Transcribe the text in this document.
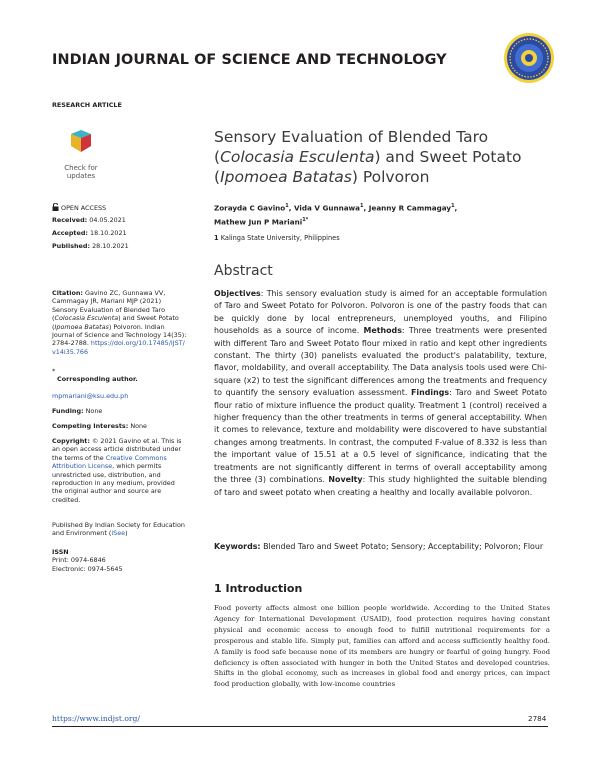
INDIAN JOURNAL OF SCIENCE AND TECHNOLOGY
RESEARCH ARTICLE
Check for
updates
OPEN ACCESS
Received: 04.05.2021
Accepted: 18.10.2021
Published: 28.10.2021
Citation: Gavino ZC, Gunnawa VV, Cammagay JR, Mariani MJP (2021) Sensory Evaluation of Blended Taro (Colocasia Esculenta) and Sweet Potato (Ipomoea Batatas) Polvoron. Indian Journal of Science and Technology 14(35): 2784-2788. https://doi.org/10.17485/IJST/v14i35.766
*
Corresponding author.
mpmariani@ksu.edu.ph
Funding: None
Competing Interests: None
Copyright: © 2021 Gavino et al. This is an open access article distributed under the terms of the Creative Commons Attribution License, which permits unrestricted use, distribution, and reproduction in any medium, provided the original author and source are credited.
Published By Indian Society for Education and Environment (iSee)
ISSN
Print: 0974-6846
Electronic: 0974-5645
Sensory Evaluation of Blended Taro
(Colocasia Esculenta) and Sweet Potato
(Ipomoea Batatas) Polvoron
Zorayda C Gavino$^1$, Vida V Gunnawa$^1$, Jeanny R Cammagay$^1$,
Mathew Jun P Mariani$^{1*}$
1 Kalinga State University, Philippines
Abstract
Objectives: This sensory evaluation study is aimed for an acceptable formulation of Taro and Sweet Potato for Polvoron. Polvoron is one of the pastry foods that can be quickly done by local entrepreneurs, unemployed youths, and Filipino households as a source of income. Methods: Three treatments were presented with different Taro and Sweet Potato flour mixed in ratio and kept other ingredients constant. The thirty (30) panelists evaluated the product's palatability, texture, flavor, moldability, and overall acceptability. The Data analysis tools used were Chi-square (x2) to test the significant differences among the treatments and frequency to quantify the sensory evaluation assessment. Findings: Taro and Sweet Potato flour ratio of mixture influence the product quality. Treatment 1 (control) received a higher frequency than the other treatments in terms of general acceptability. When it comes to relevance, texture and moldability were discovered to have substantial changes among treatments. In contrast, the computed F-value of 8.332 is less than the important value of 15.51 at a 0.5 level of significance, indicating that the treatments are not significantly different in terms of overall acceptability among the three (3) combinations. Novelty: This study highlighted the suitable blending of taro and sweet potato when creating a healthy and locally available polvoron.
Keywords: Blended Taro and Sweet Potato; Sensory; Acceptability; Polvoron; Flour
1 Introduction
Food poverty affects almost one billion people worldwide. According to the United States Agency for International Development (USAID), food protection requires having constant physical and economic access to enough food to fulfill nutritional requirements for a prosperous and stable life. Simply put, families can afford and access sufficiently healthy food. A family is food safe because none of its members are hungry or fearful of going hungry. Food deficiency is often associated with hunger in both the United States and developed countries. Shifts in the global economy, such as increases in global food and energy prices, can impact food production globally, with low-income countries
https://www.indjst.org/	2784
